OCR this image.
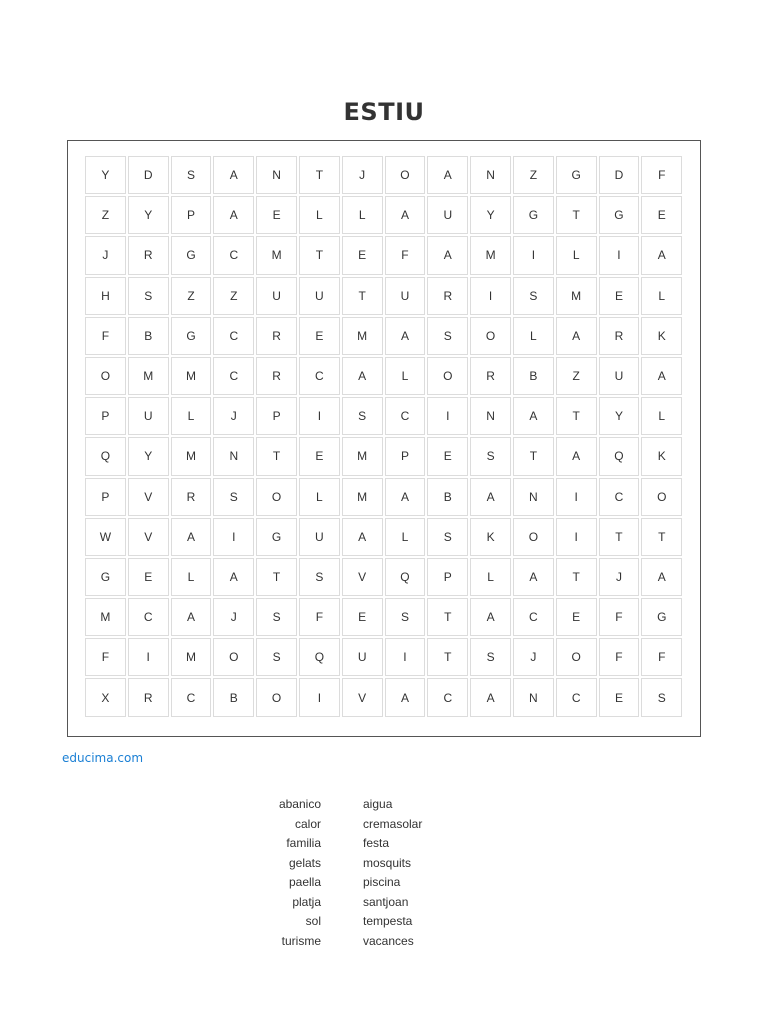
ESTIU
Y	D	S	A	N	T	J	O	A	N	Z	G	D	F
Z	Y	P	A	E	L	L	A	U	Y	G	T	G	E
J	R	G	C	M	T	E	F	A	M	I	L	I	A
H	S	Z	Z	U	U	T	U	R	I	S	M	E	L
F	B	G	C	R	E	M	A	S	O	L	A	R	K
O	M	M	C	R	C	A	L	O	R	B	Z	U	A
P	U	L	J	P	I	S	C	I	N	A	T	Y	L
Q	Y	M	N	T	E	M	P	E	S	T	A	Q	K
P	V	R	S	O	L	M	A	B	A	N	I	C	O
W	V	A	I	G	U	A	L	S	K	O	I	T	T
G	E	L	A	T	S	V	Q	P	L	A	T	J	A
M	C	A	J	S	F	E	S	T	A	C	E	F	G
F	I	M	O	S	Q	U	I	T	S	J	O	F	F
X	R	C	B	O	I	V	A	C	A	N	C	E	S
educima.com
abanico
calor
familia
gelats
paella
platja
sol
turisme
aigua
cremasolar
festa
mosquits
piscina
santjoan
tempesta
vacances
